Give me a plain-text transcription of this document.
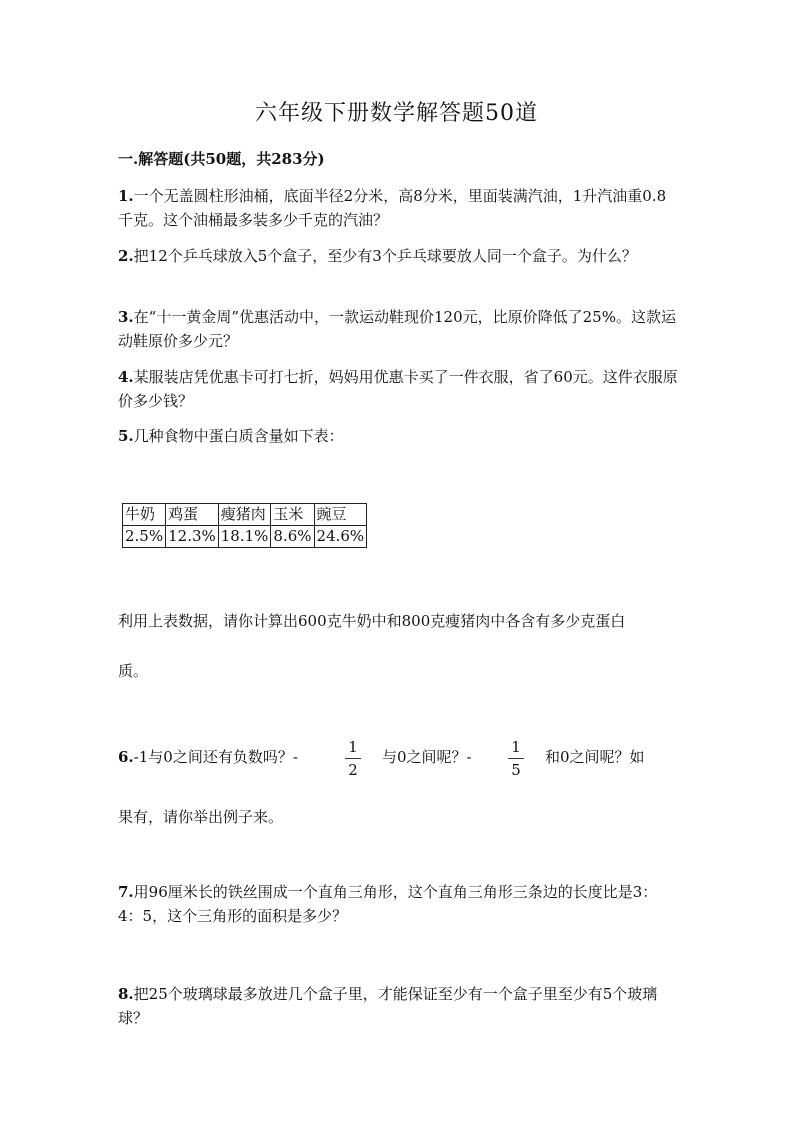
六年级下册数学解答题50道
一.解答题(共50题，共283分)
1.一个无盖圆柱形油桶，底面半径2分米，高8分米，里面装满汽油，1升汽油重0.8千克。这个油桶最多装多少千克的汽油？
2.把12个乒乓球放入5个盒子，至少有3个乒乓球要放人同一个盒子。为什么？
3.在“十一黄金周”优惠活动中，一款运动鞋现价120元，比原价降低了25%。这款运动鞋原价多少元？
4.某服装店凭优惠卡可打七折，妈妈用优惠卡买了一件衣服，省了60元。这件衣服原价多少钱？
5.几种食物中蛋白质含量如下表：
牛奶	鸡蛋	瘦猪肉	玉米	豌豆
2.5%	12.3%	18.1%	8.6%	24.6%
利用上表数据，请你计算出600克牛奶中和800克瘦猪肉中各含有多少克蛋白
质。
6.-1与0之间还有负数吗？-
1
2
与0之间呢？-
1
5
和0之间呢？如
果有，请你举出例子来。
7.用96厘米长的铁丝围成一个直角三角形，这个直角三角形三条边的长度比是3：4：5，这个三角形的面积是多少？
8.把25个玻璃球最多放进几个盒子里，才能保证至少有一个盒子里至少有5个玻璃球？
